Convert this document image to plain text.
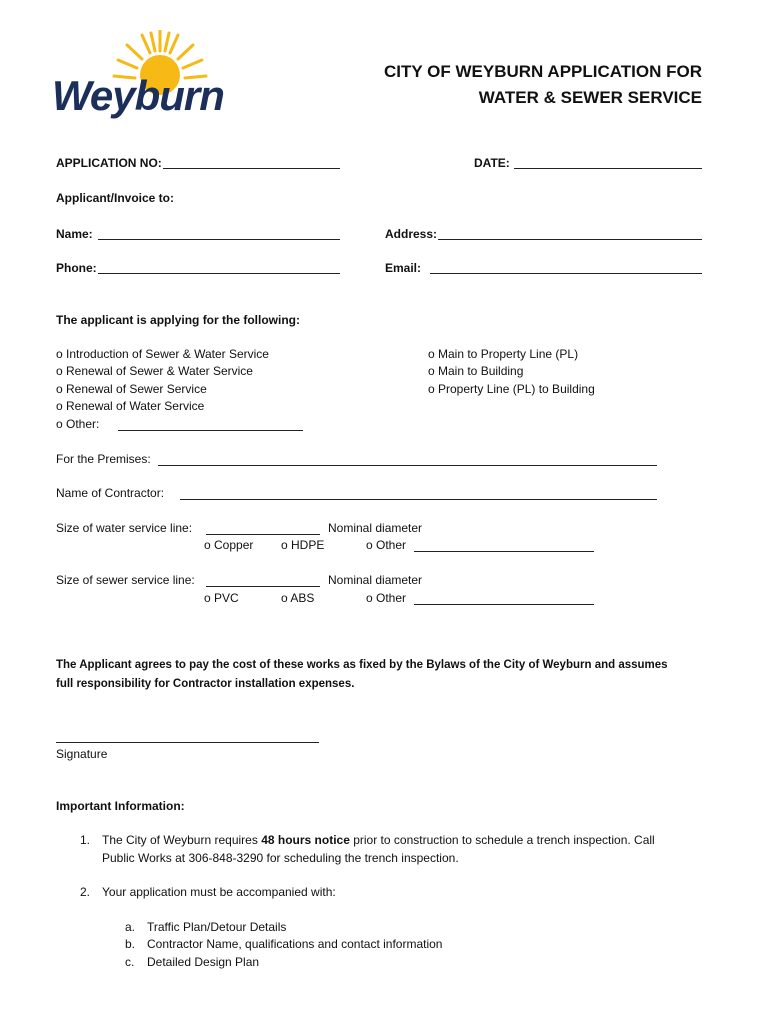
Weyburn
CITY OF WEYBURN APPLICATION FOR
WATER & SEWER SERVICE
APPLICATION NO:	DATE:
Applicant/Invoice to:
Name:	Address:
Phone:	Email:
The applicant is applying for the following:
o Introduction of Sewer & Water Service
o Renewal of Sewer & Water Service
o Renewal of Sewer Service
o Renewal of Water Service
o Other:
o Main to Property Line (PL)
o Main to Building
o Property Line (PL) to Building
For the Premises:
Name of Contractor:
Size of water service line:	Nominal diameter
o Copper o HDPE	o Other
Size of sewer service line:	Nominal diameter
o PVC	o ABS	o Other
The Applicant agrees to pay the cost of these works as fixed by the Bylaws of the City of Weyburn and assumes
full responsibility for Contractor installation expenses.
Signature
Important Information:
1. The City of Weyburn requires 48 hours notice prior to construction to schedule a trench inspection. Call
Public Works at 306-848-3290 for scheduling the trench inspection.
2. Your application must be accompanied with:
a. Traffic Plan/Detour Details
b. Contractor Name, qualifications and contact information
c. Detailed Design Plan
